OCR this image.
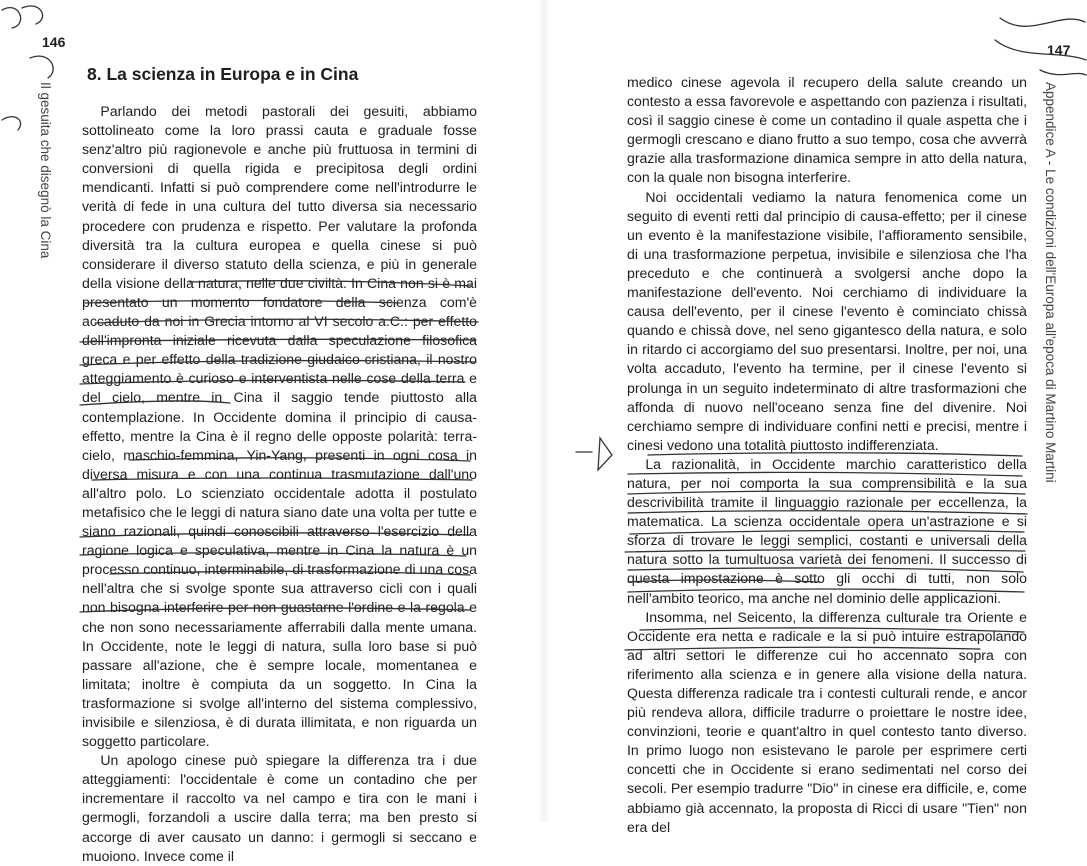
146
Il gesuita che disegnò la Cina
8. La scienza in Europa e in Cina

Parlando dei metodi pastorali dei gesuiti, abbiamo sottolineato come la loro prassi cauta e graduale fosse senz'altro più ragionevole e anche più fruttuosa in termini di conversioni di quella rigida e precipitosa degli ordini mendicanti. Infatti si può comprendere come nell'introdurre le verità di fede in una cultura del tutto diversa sia necessario procedere con prudenza e rispetto. Per valutare la profonda diversità tra la cultura europea e quella cinese si può considerare il diverso statuto della scienza, e più in generale della visione della natura, nelle due civiltà. In Cina non si è mai presentato un momento fondatore della scienza com'è accaduto da noi in Grecia intorno al VI secolo a.C.: per effetto dell'impronta iniziale ricevuta dalla speculazione filosofica greca e per effetto della tradizione giudaico-cristiana, il nostro atteggiamento è curioso e interventista nelle cose della terra e del cielo, mentre in Cina il saggio tende piuttosto alla contemplazione. In Occidente domina il principio di causa-effetto, mentre la Cina è il regno delle opposte polarità: terra-cielo, maschio-femmina, Yin-Yang, presenti in ogni cosa in diversa misura e con una continua trasmutazione dall'uno all'altro polo. Lo scienziato occidentale adotta il postulato metafisico che le leggi di natura siano date una volta per tutte e siano razionali, quindi conoscibili attraverso l'esercizio della ragione logica e speculativa, mentre in Cina la natura è un processo continuo, interminabile, di trasformazione di una cosa nell'altra che si svolge sponte sua attraverso cicli con i quali non bisogna interferire per non guastarne l'ordine e la regola e che non sono necessariamente afferrabili dalla mente umana. In Occidente, note le leggi di natura, sulla loro base si può passare all'azione, che è sempre locale, momentanea e limitata; inoltre è compiuta da un soggetto. In Cina la trasformazione si svolge all'interno del sistema complessivo, invisibile e silenziosa, è di durata illimitata, e non riguarda un soggetto particolare.

Un apologo cinese può spiegare la differenza tra i due atteggiamenti: l'occidentale è come un contadino che per incrementare il raccolto va nel campo e tira con le mani i germogli, forzandoli a uscire dalla terra; ma ben presto si accorge di aver causato un danno: i germogli si seccano e muoiono. Invece come il

147
Appendice A - Le condizioni dell'Europa all'epoca di Martino Martini

medico cinese agevola il recupero della salute creando un contesto a essa favorevole e aspettando con pazienza i risultati, così il saggio cinese è come un contadino il quale aspetta che i germogli crescano e diano frutto a suo tempo, cosa che avverrà grazie alla trasformazione dinamica sempre in atto della natura, con la quale non bisogna interferire.

Noi occidentali vediamo la natura fenomenica come un seguito di eventi retti dal principio di causa-effetto; per il cinese un evento è la manifestazione visibile, l'affioramento sensibile, di una trasformazione perpetua, invisibile e silenziosa che l'ha preceduto e che continuerà a svolgersi anche dopo la manifestazione dell'evento. Noi cerchiamo di individuare la causa dell'evento, per il cinese l'evento è cominciato chissà quando e chissà dove, nel seno gigantesco della natura, e solo in ritardo ci accorgiamo del suo presentarsi. Inoltre, per noi, una volta accaduto, l'evento ha termine, per il cinese l'evento si prolunga in un seguito indeterminato di altre trasformazioni che affonda di nuovo nell'oceano senza fine del divenire. Noi cerchiamo sempre di individuare confini netti e precisi, mentre i cinesi vedono una totalità piuttosto indifferenziata.

La razionalità, in Occidente marchio caratteristico della natura, per noi comporta la sua comprensibilità e la sua descrivibilità tramite il linguaggio razionale per eccellenza, la matematica. La scienza occidentale opera un'astrazione e si sforza di trovare le leggi semplici, costanti e universali della natura sotto la tumultuosa varietà dei fenomeni. Il successo di questa impostazione è sotto gli occhi di tutti, non solo nell'ambito teorico, ma anche nel dominio delle applicazioni.

Insomma, nel Seicento, la differenza culturale tra Oriente e Occidente era netta e radicale e la si può intuire estrapolando ad altri settori le differenze cui ho accennato sopra con riferimento alla scienza e in genere alla visione della natura. Questa differenza radicale tra i contesti culturali rende, e ancor più rendeva allora, difficile tradurre o proiettare le nostre idee, convinzioni, teorie e quant'altro in quel contesto tanto diverso. In primo luogo non esistevano le parole per esprimere certi concetti che in Occidente si erano sedimentati nel corso dei secoli. Per esempio tradurre "Dio" in cinese era difficile, e, come abbiamo già accennato, la proposta di Ricci di usare "Tien" non era del
